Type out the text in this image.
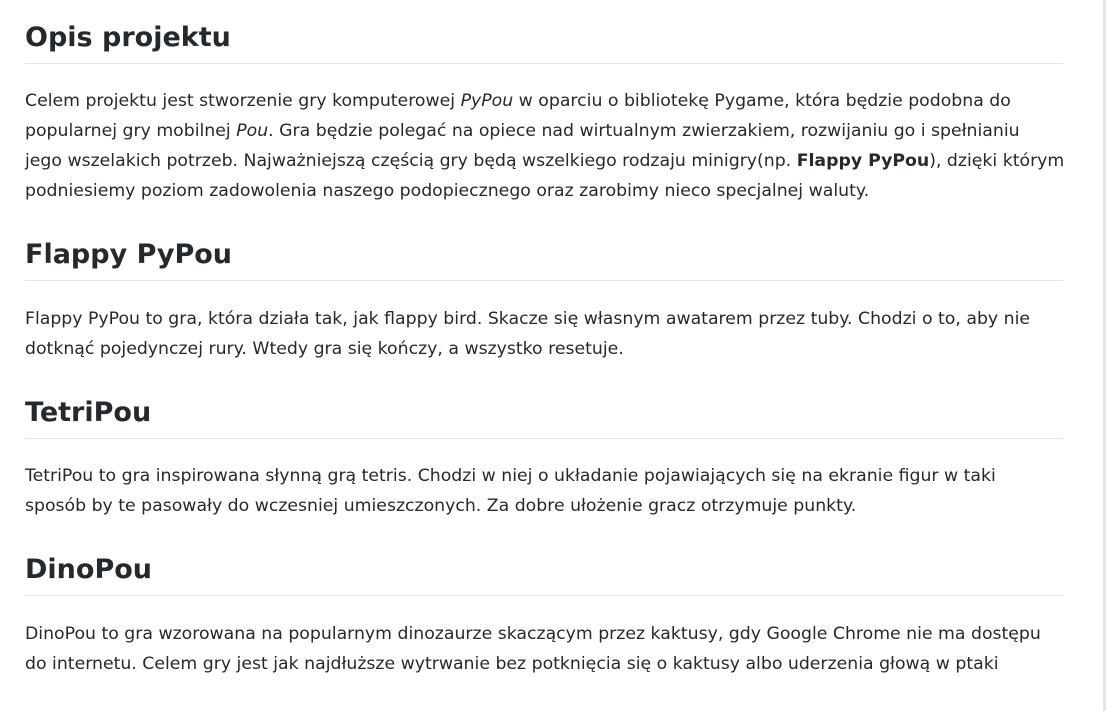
Opis projektu

Celem projektu jest stworzenie gry komputerowej PyPou w oparciu o bibliotekę Pygame, która będzie podobna do
popularnej gry mobilnej Pou. Gra będzie polegać na opiece nad wirtualnym zwierzakiem, rozwijaniu go i spełnianiu
jego wszelakich potrzeb. Najważniejszą częścią gry będą wszelkiego rodzaju minigry(np. Flappy PyPou), dzięki którym
podniesiemy poziom zadowolenia naszego podopiecznego oraz zarobimy nieco specjalnej waluty.

Flappy PyPou

Flappy PyPou to gra, która działa tak, jak flappy bird. Skacze się własnym awatarem przez tuby. Chodzi o to, aby nie
dotknąć pojedynczej rury. Wtedy gra się kończy, a wszystko resetuje.

TetriPou

TetriPou to gra inspirowana słynną grą tetris. Chodzi w niej o układanie pojawiających się na ekranie figur w taki
sposób by te pasowały do wczesniej umieszczonych. Za dobre ułożenie gracz otrzymuje punkty.

DinoPou

DinoPou to gra wzorowana na popularnym dinozaurze skaczącym przez kaktusy, gdy Google Chrome nie ma dostępu
do internetu. Celem gry jest jak najdłuższe wytrwanie bez potknięcia się o kaktusy albo uderzenia głową w ptaki
